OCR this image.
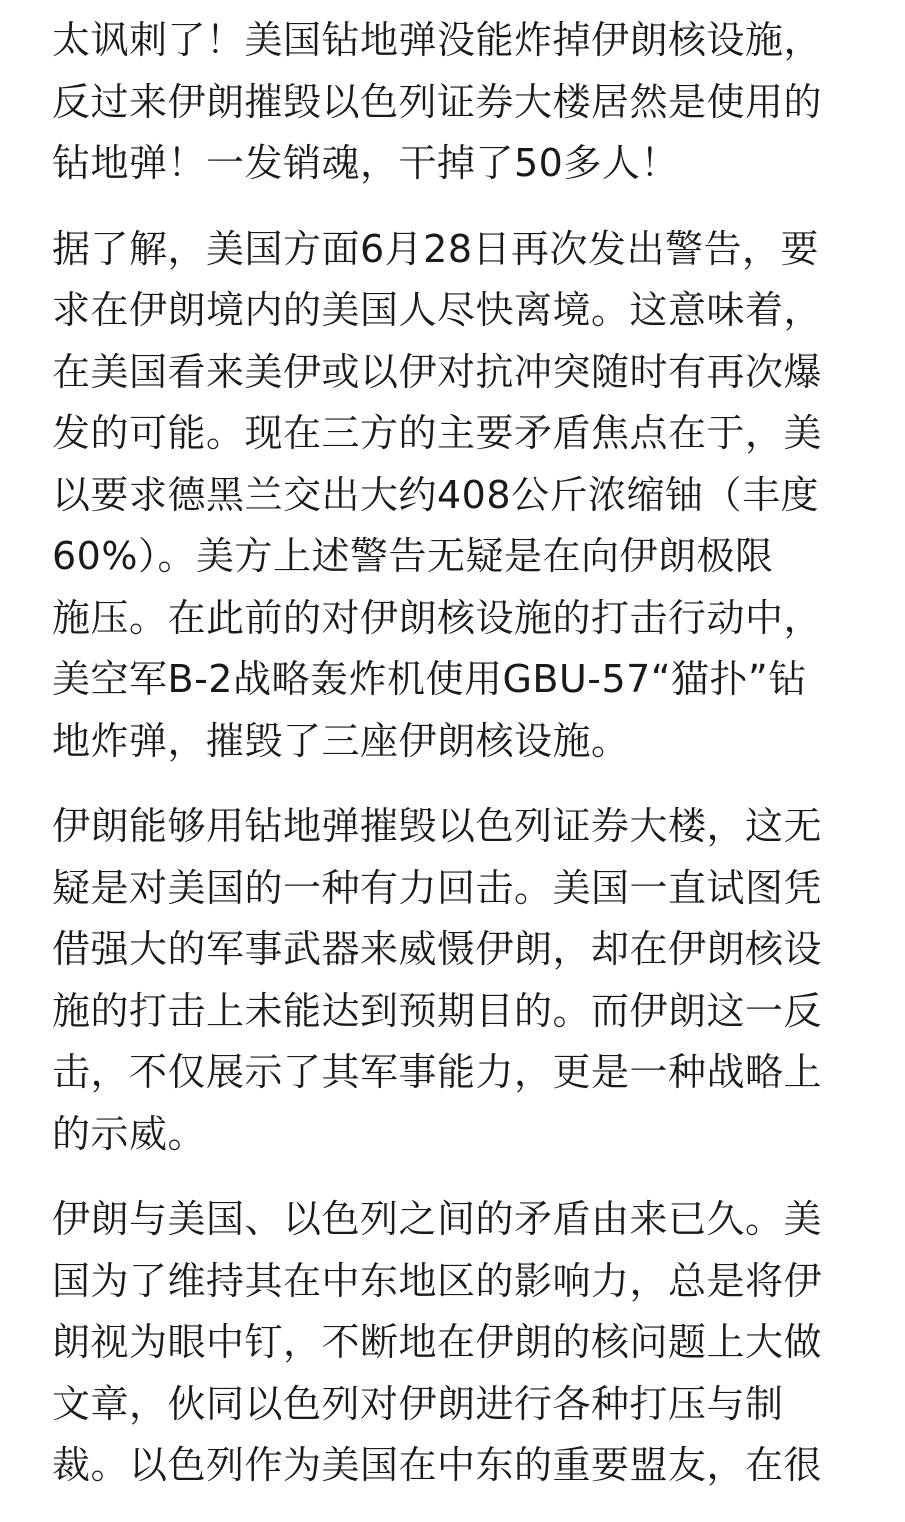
太讽刺了！美国钻地弹没能炸掉伊朗核设施，
反过来伊朗摧毁以色列证券大楼居然是使用的
钻地弹！一发销魂，干掉了50多人！

据了解，美国方面6月28日再次发出警告，要
求在伊朗境内的美国人尽快离境。这意味着，
在美国看来美伊或以伊对抗冲突随时有再次爆
发的可能。现在三方的主要矛盾焦点在于，美
以要求德黑兰交出大约408公斤浓缩铀（丰度
60%）。美方上述警告无疑是在向伊朗极限
施压。在此前的对伊朗核设施的打击行动中，
美空军B-2战略轰炸机使用GBU-57“猫扑”钻
地炸弹，摧毁了三座伊朗核设施。

伊朗能够用钻地弹摧毁以色列证券大楼，这无
疑是对美国的一种有力回击。美国一直试图凭
借强大的军事武器来威慑伊朗，却在伊朗核设
施的打击上未能达到预期目的。而伊朗这一反
击，不仅展示了其军事能力，更是一种战略上
的示威。

伊朗与美国、以色列之间的矛盾由来已久。美
国为了维持其在中东地区的影响力，总是将伊
朗视为眼中钉，不断地在伊朗的核问题上大做
文章，伙同以色列对伊朗进行各种打压与制
裁。以色列作为美国在中东的重要盟友，在很
